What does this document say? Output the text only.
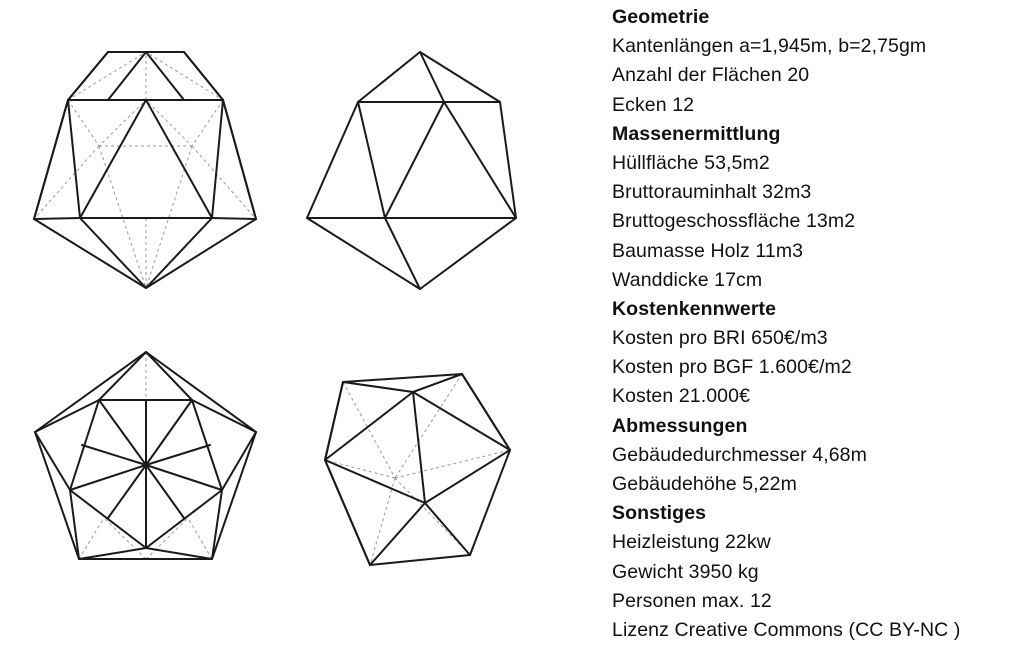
Geometrie
Kantenlängen a=1,945m, b=2,75gm
Anzahl der Flächen 20
Ecken 12
Massenermittlung
Hüllfläche 53,5m2
Bruttorauminhalt 32m3
Bruttogeschossfläche 13m2
Baumasse Holz 11m3
Wanddicke 17cm
Kostenkennwerte
Kosten pro BRI 650€/m3
Kosten pro BGF 1.600€/m2
Kosten 21.000€
Abmessungen
Gebäudedurchmesser 4,68m
Gebäudehöhe 5,22m
Sonstiges
Heizleistung 22kw
Gewicht 3950 kg
Personen max. 12
Lizenz Creative Commons (CC BY-NC )
